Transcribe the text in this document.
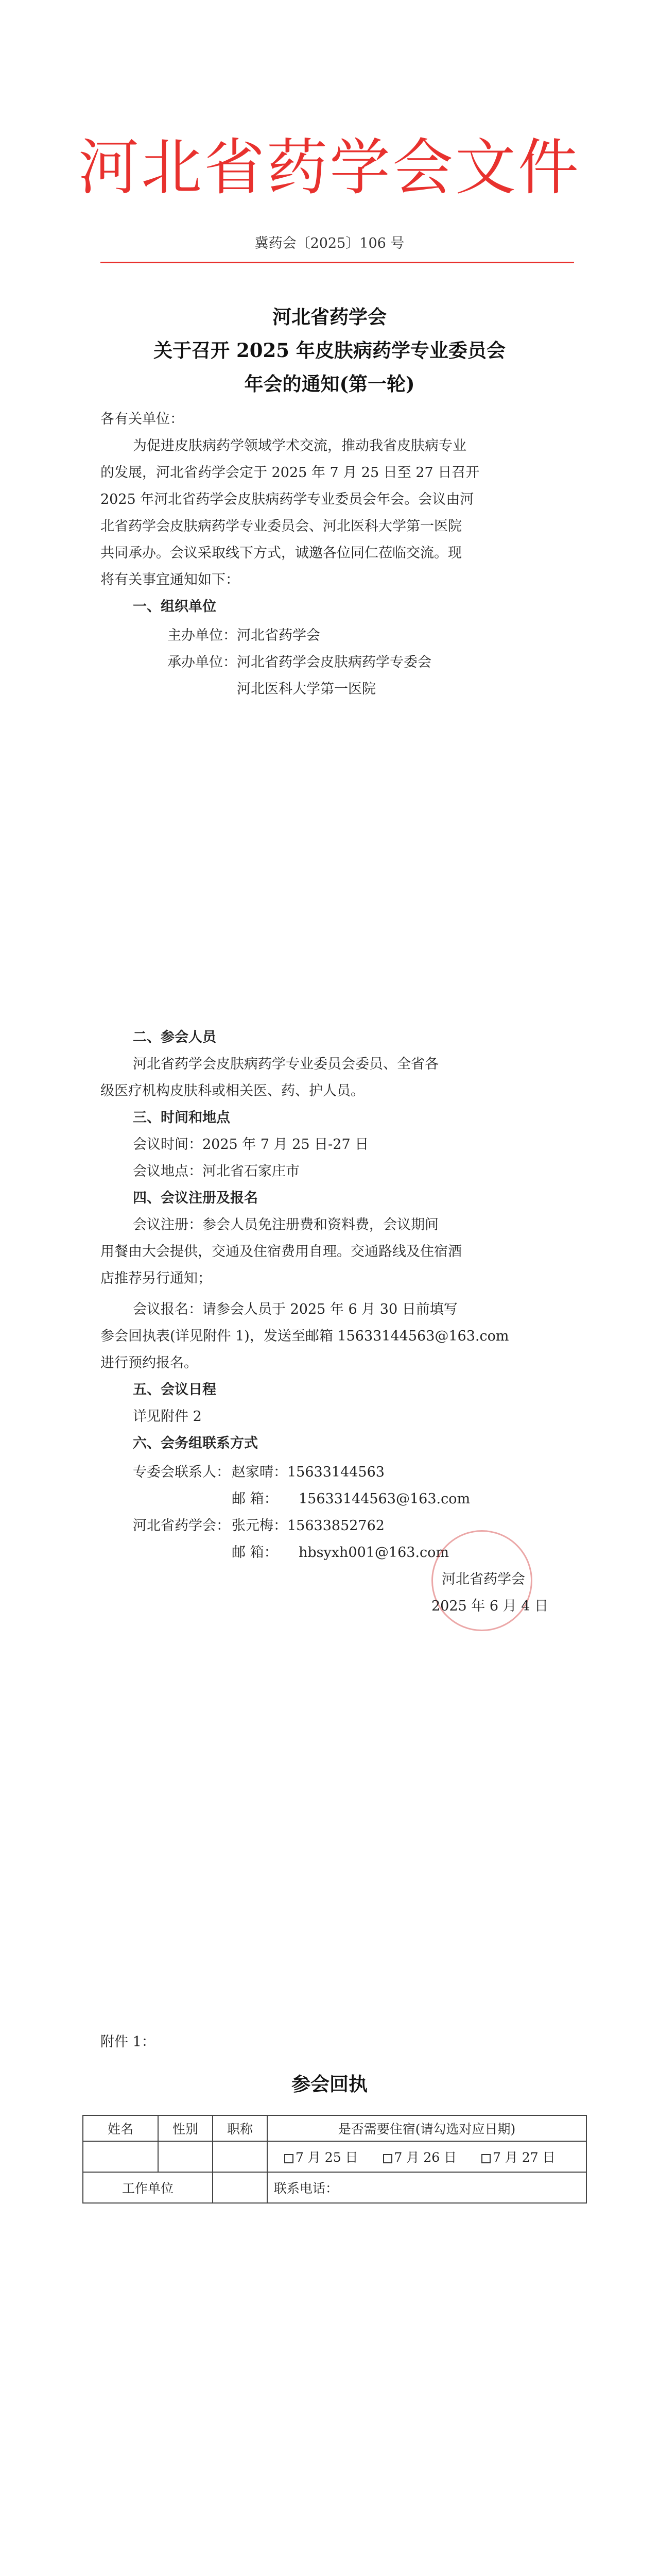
河北省药学会文件
冀药会〔2025〕106 号
河北省药学会
关于召开 2025 年皮肤病药学专业委员会
年会的通知(第一轮)
各有关单位：
为促进皮肤病药学领域学术交流，推动我省皮肤病专业
的发展，河北省药学会定于 2025 年 7 月 25 日至 27 日召开
2025 年河北省药学会皮肤病药学专业委员会年会。会议由河
北省药学会皮肤病药学专业委员会、河北医科大学第一医院
共同承办。会议采取线下方式，诚邀各位同仁莅临交流。现
将有关事宜通知如下：
一、组织单位
主办单位： 河北省药学会
承办单位： 河北省药学会皮肤病药学专委会
河北医科大学第一医院
二、参会人员
河北省药学会皮肤病药学专业委员会委员、全省各
级医疗机构皮肤科或相关医、药、护人员。
三、时间和地点
会议时间：2025 年 7 月 25 日-27 日
会议地点：河北省石家庄市
四、会议注册及报名
会议注册：参会人员免注册费和资料费，会议期间
用餐由大会提供，交通及住宿费用自理。交通路线及住宿酒
店推荐另行通知；
会议报名：请参会人员于 2025 年 6 月 30 日前填写
参会回执表(详见附件 1)，发送至邮箱 15633144563@163.com
进行预约报名。
五、会议日程
详见附件 2
六、会务组联系方式
专委会联系人： 赵家晴：15633144563
邮 箱： 15633144563@163.com
河北省药学会： 张元梅：15633852762
邮 箱： hbsyxh001@163.com
河北省药学会
2025 年 6 月 4 日
附件 1：
参会回执
姓名	性别	职称	是否需要住宿(请勾选对应日期)
			7 月 25 日 7 月 26 日 7 月 27 日
工作单位			联系电话：
